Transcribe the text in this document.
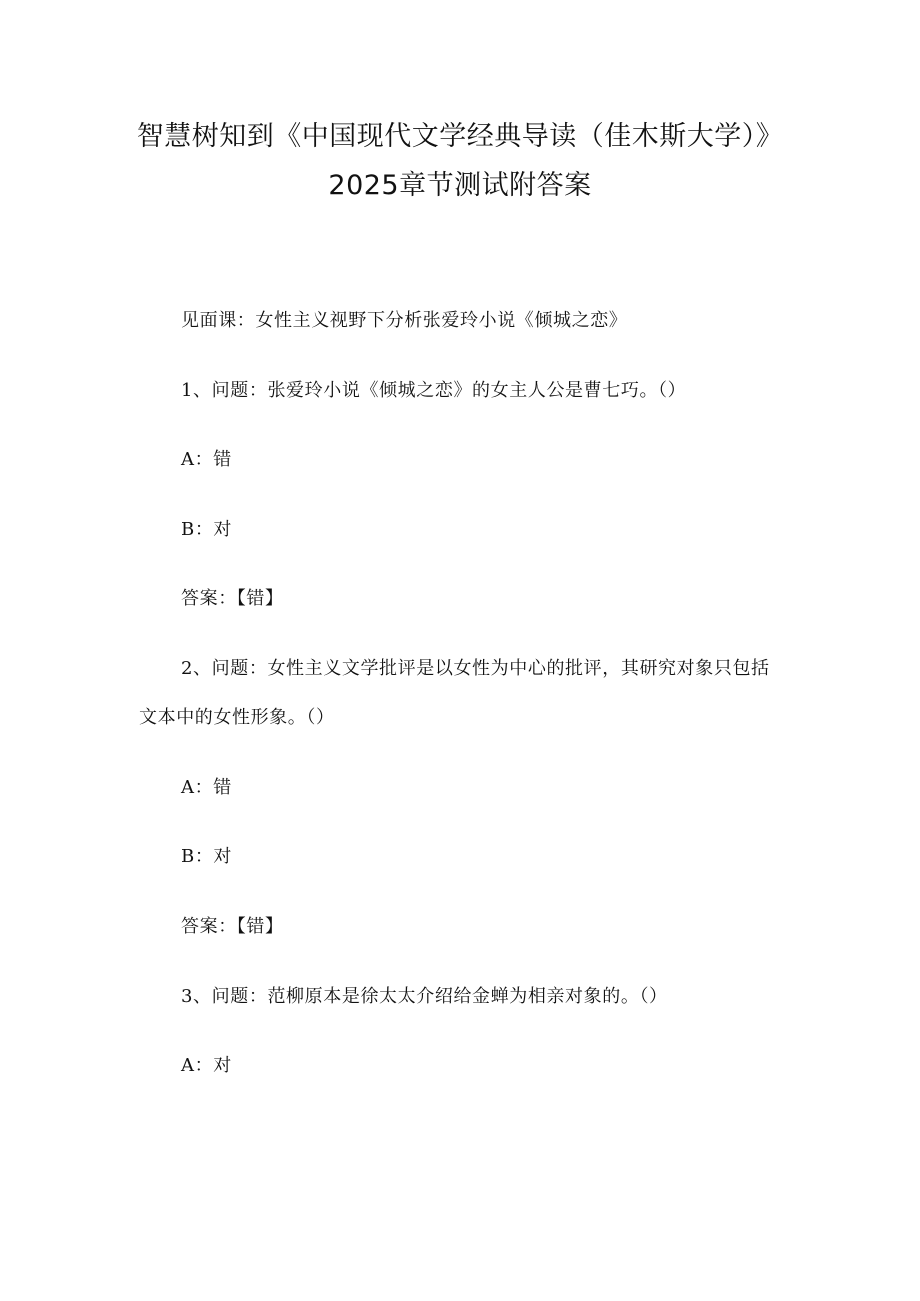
智慧树知到《中国现代文学经典导读（佳木斯大学）》
2025章节测试附答案
见面课：女性主义视野下分析张爱玲小说《倾城之恋》
1、问题：张爱玲小说《倾城之恋》的女主人公是曹七巧。（）
A：错
B：对
答案：【错】
2、问题：女性主义文学批评是以女性为中心的批评，其研究对象只包括
文本中的女性形象。（）
A：错
B：对
答案：【错】
3、问题：范柳原本是徐太太介绍给金蝉为相亲对象的。（）
A：对
